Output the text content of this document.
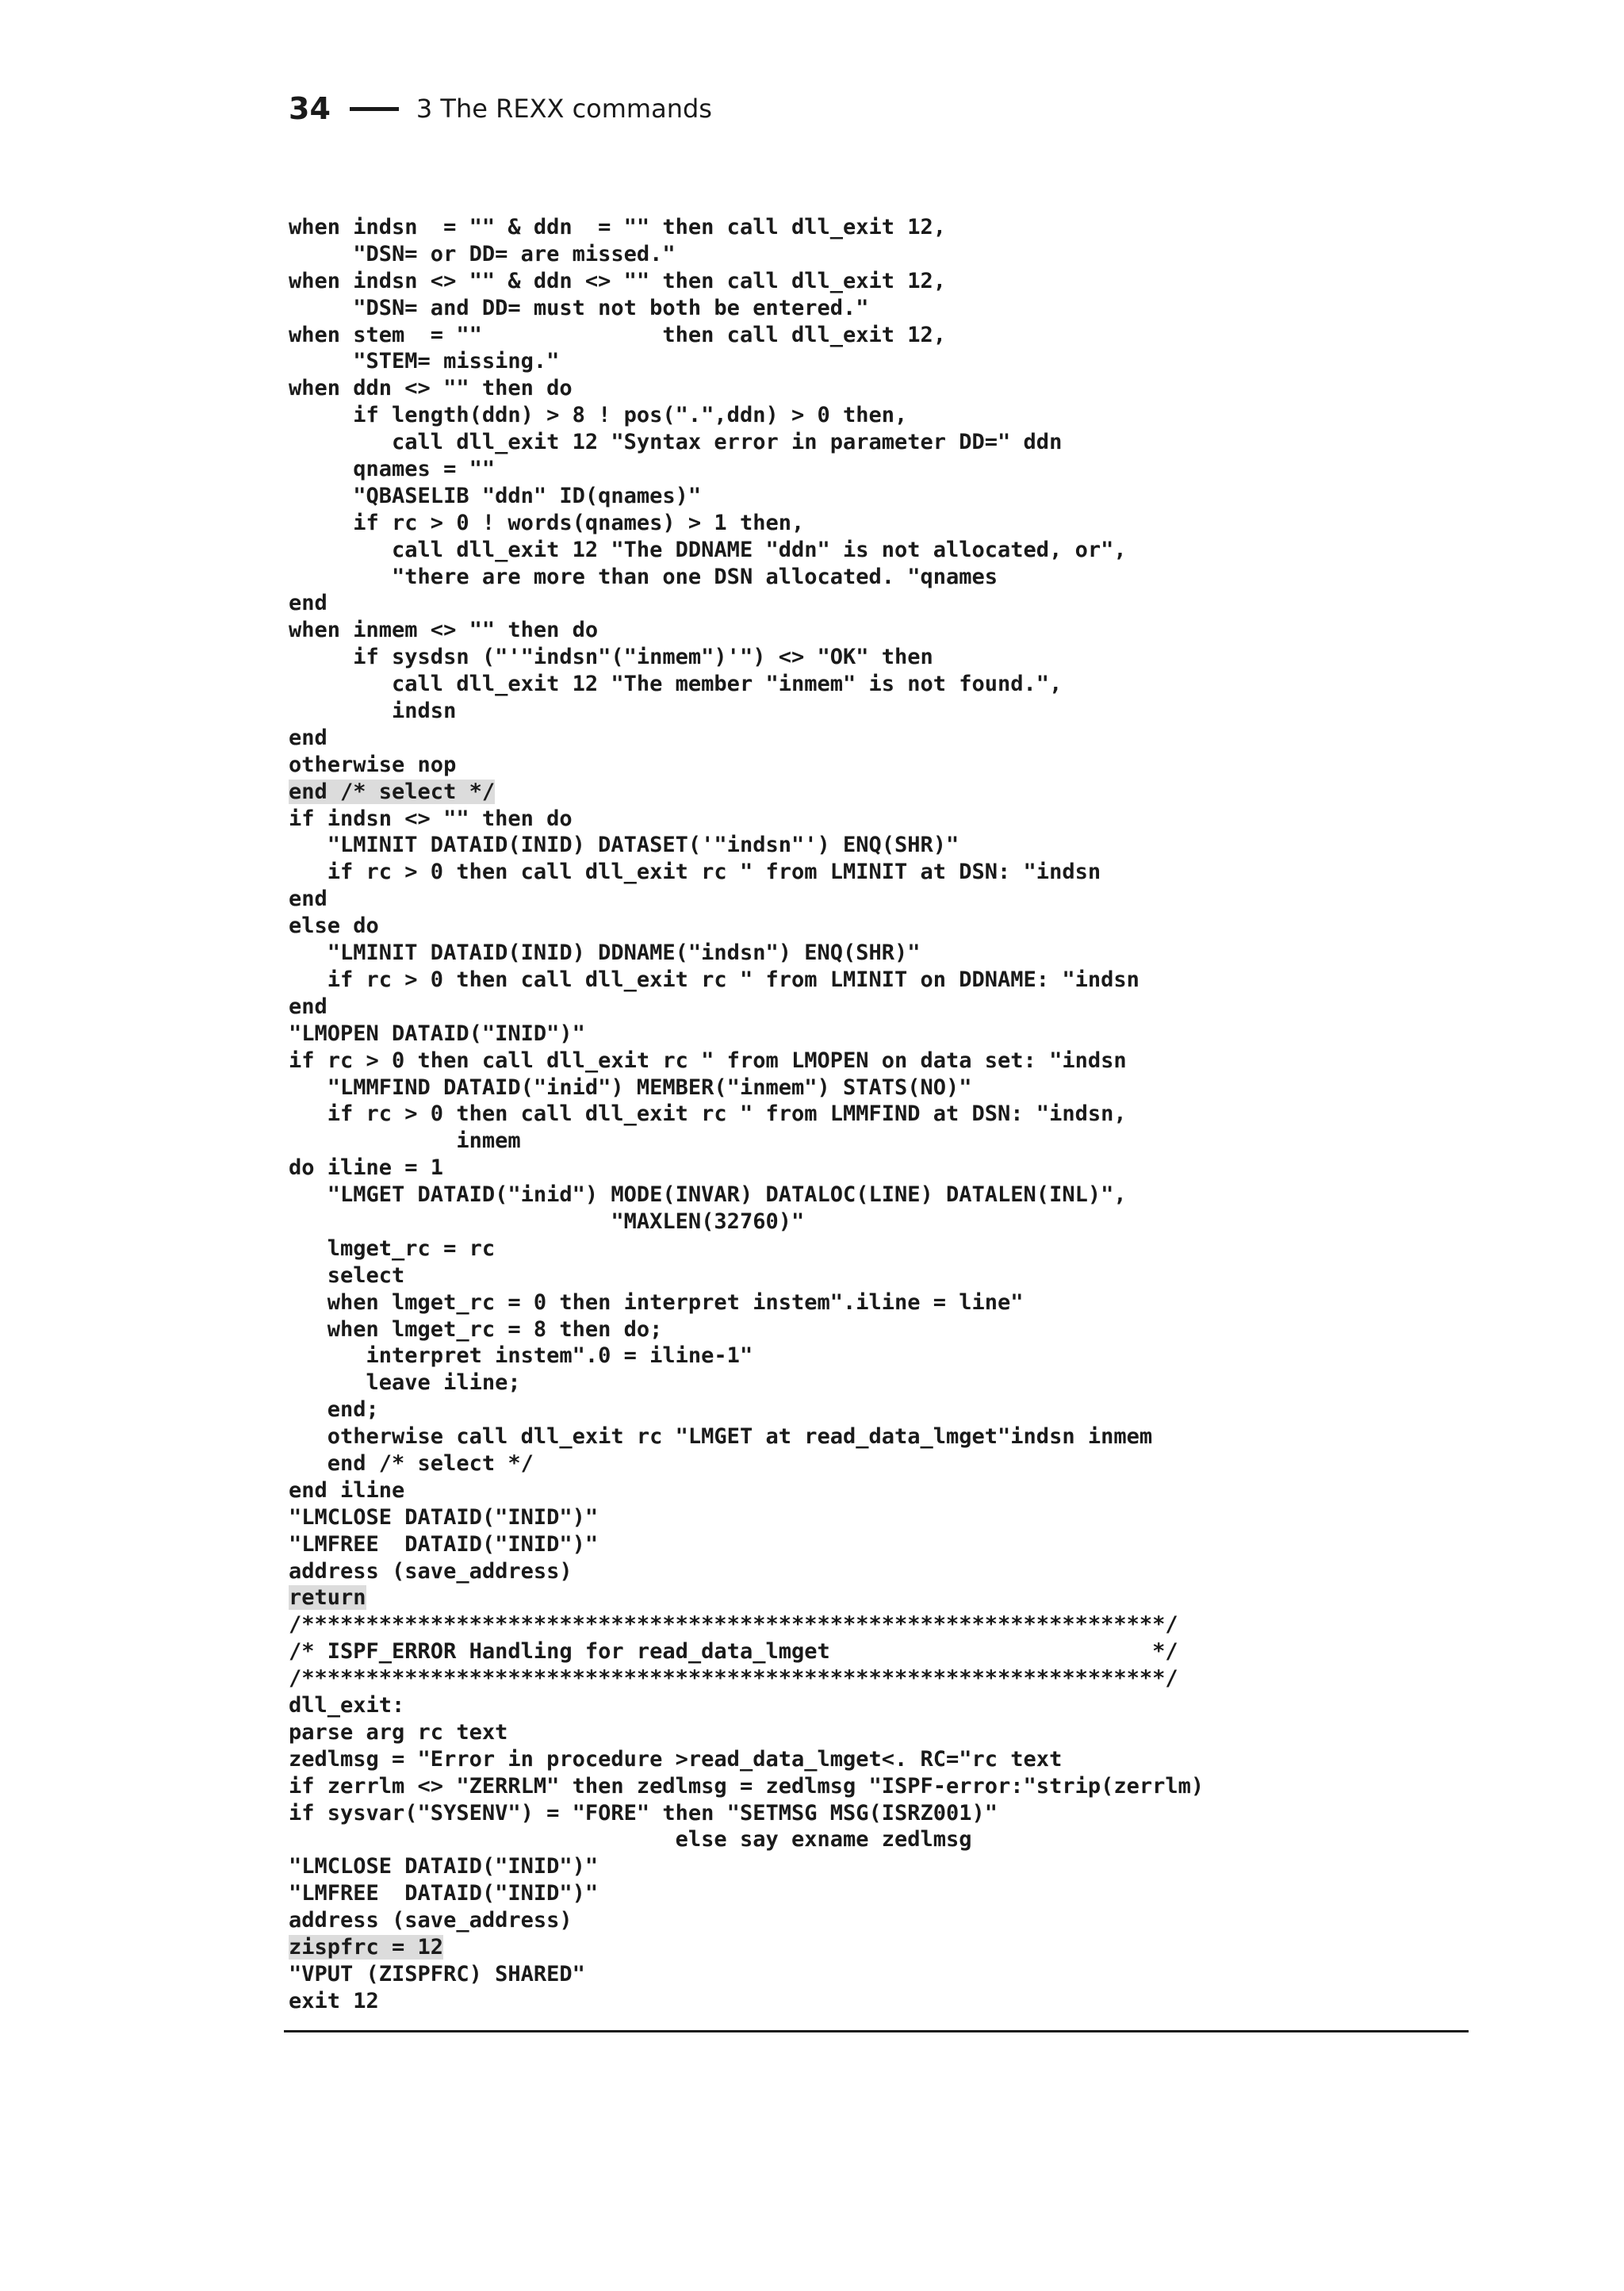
34	3 The REXX commands
when indsn  = "" & ddn  = "" then call dll_exit 12,
"DSN= or DD= are missed."
when indsn <> "" & ddn <> "" then call dll_exit 12,
"DSN= and DD= must not both be entered."
when stem  = ""              then call dll_exit 12,
"STEM= missing."
when ddn <> "" then do
if length(ddn) > 8 ! pos(".",ddn) > 0 then,
call dll_exit 12 "Syntax error in parameter DD=" ddn
qnames = ""
"QBASELIB "ddn" ID(qnames)"
if rc > 0 ! words(qnames) > 1 then,
call dll_exit 12 "The DDNAME "ddn" is not allocated, or",
"there are more than one DSN allocated. "qnames
end
when inmem <> "" then do
if sysdsn ("'"indsn"("inmem")'") <> "OK" then
call dll_exit 12 "The member "inmem" is not found.",
indsn
end
otherwise nop
end /* select */
if indsn <> "" then do
"LMINIT DATAID(INID) DATASET('"indsn"') ENQ(SHR)"
if rc > 0 then call dll_exit rc " from LMINIT at DSN: "indsn
end
else do
"LMINIT DATAID(INID) DDNAME("indsn") ENQ(SHR)"
if rc > 0 then call dll_exit rc " from LMINIT on DDNAME: "indsn
end
"LMOPEN DATAID("INID")"
if rc > 0 then call dll_exit rc " from LMOPEN on data set: "indsn
"LMMFIND DATAID("inid") MEMBER("inmem") STATS(NO)"
if rc > 0 then call dll_exit rc " from LMMFIND at DSN: "indsn,
inmem
do iline = 1
"LMGET DATAID("inid") MODE(INVAR) DATALOC(LINE) DATALEN(INL)",
"MAXLEN(32760)"
lmget_rc = rc
select
when lmget_rc = 0 then interpret instem".iline = line"
when lmget_rc = 8 then do;
interpret instem".0 = iline-1"
leave iline;
end;
otherwise call dll_exit rc "LMGET at read_data_lmget"indsn inmem
end /* select */
end iline
"LMCLOSE DATAID("INID")"
"LMFREE  DATAID("INID")"
address (save_address)
return
/*******************************************************************/
/* ISPF_ERROR Handling for read_data_lmget                         */
/*******************************************************************/
dll_exit:
parse arg rc text
zedlmsg = "Error in procedure >read_data_lmget<. RC="rc text
if zerrlm <> "ZERRLM" then zedlmsg = zedlmsg "ISPF-error:"strip(zerrlm)
if sysvar("SYSENV") = "FORE" then "SETMSG MSG(ISRZ001)"
else say exname zedlmsg
"LMCLOSE DATAID("INID")"
"LMFREE  DATAID("INID")"
address (save_address)
zispfrc = 12
"VPUT (ZISPFRC) SHARED"
exit 12
